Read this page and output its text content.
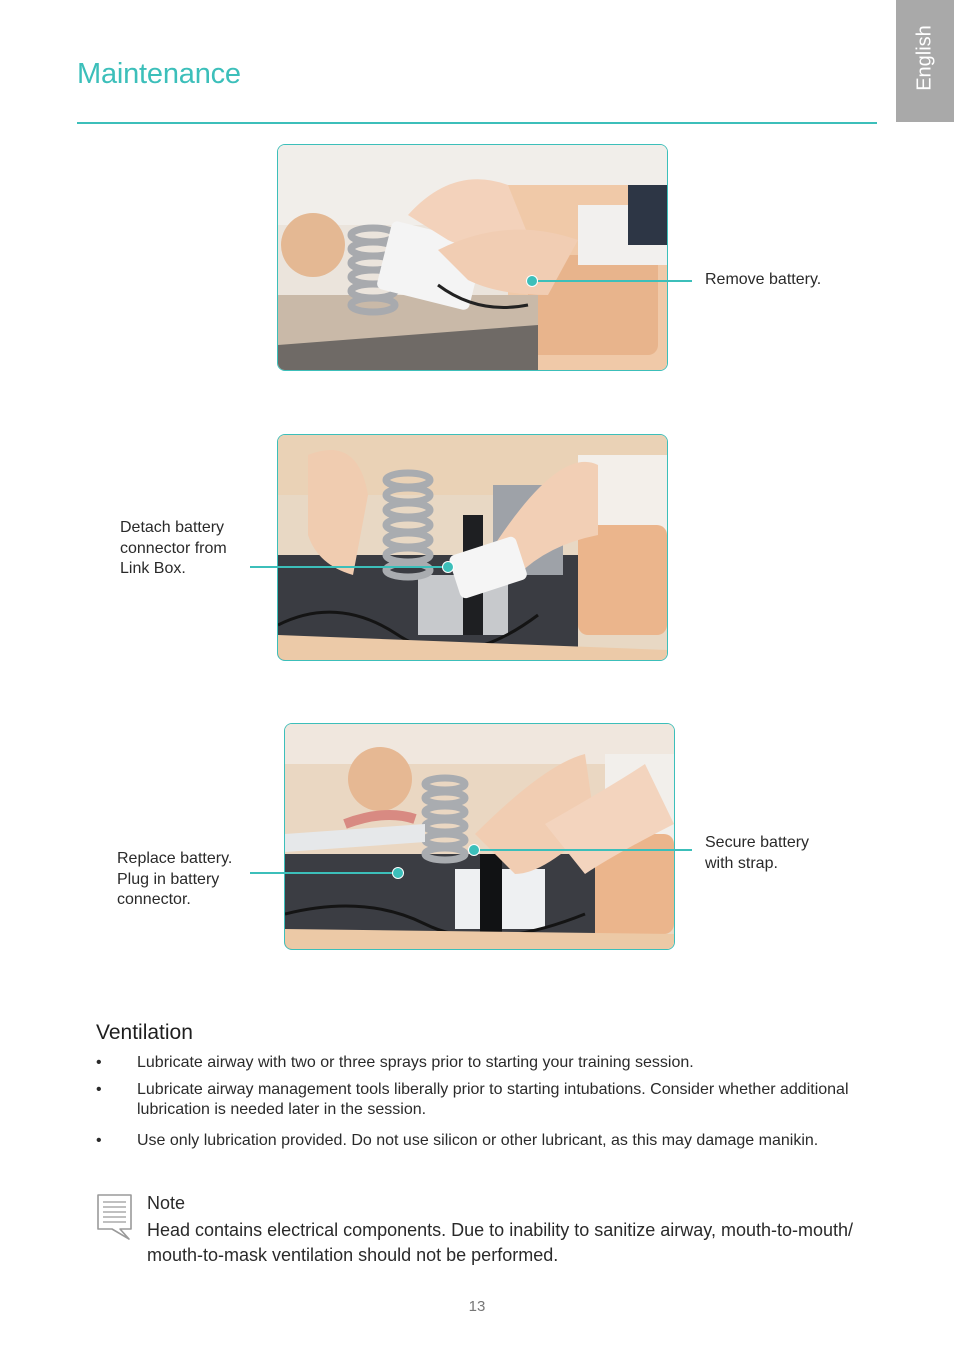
Maintenance	English
Remove battery.
Detach battery
connector from
Link Box.
Replace battery.
Plug in battery
connector.
Secure battery
with strap.
Ventilation
• Lubricate airway with two or three sprays prior to starting your training session.
• Lubricate airway management tools liberally prior to starting intubations. Consider whether additional lubrication is needed later in the session.
• Use only lubrication provided. Do not use silicon or other lubricant, as this may damage manikin.
Note
Head contains electrical components. Due to inability to sanitize airway, mouth-to-mouth/ mouth-to-mask ventilation should not be performed.
13
